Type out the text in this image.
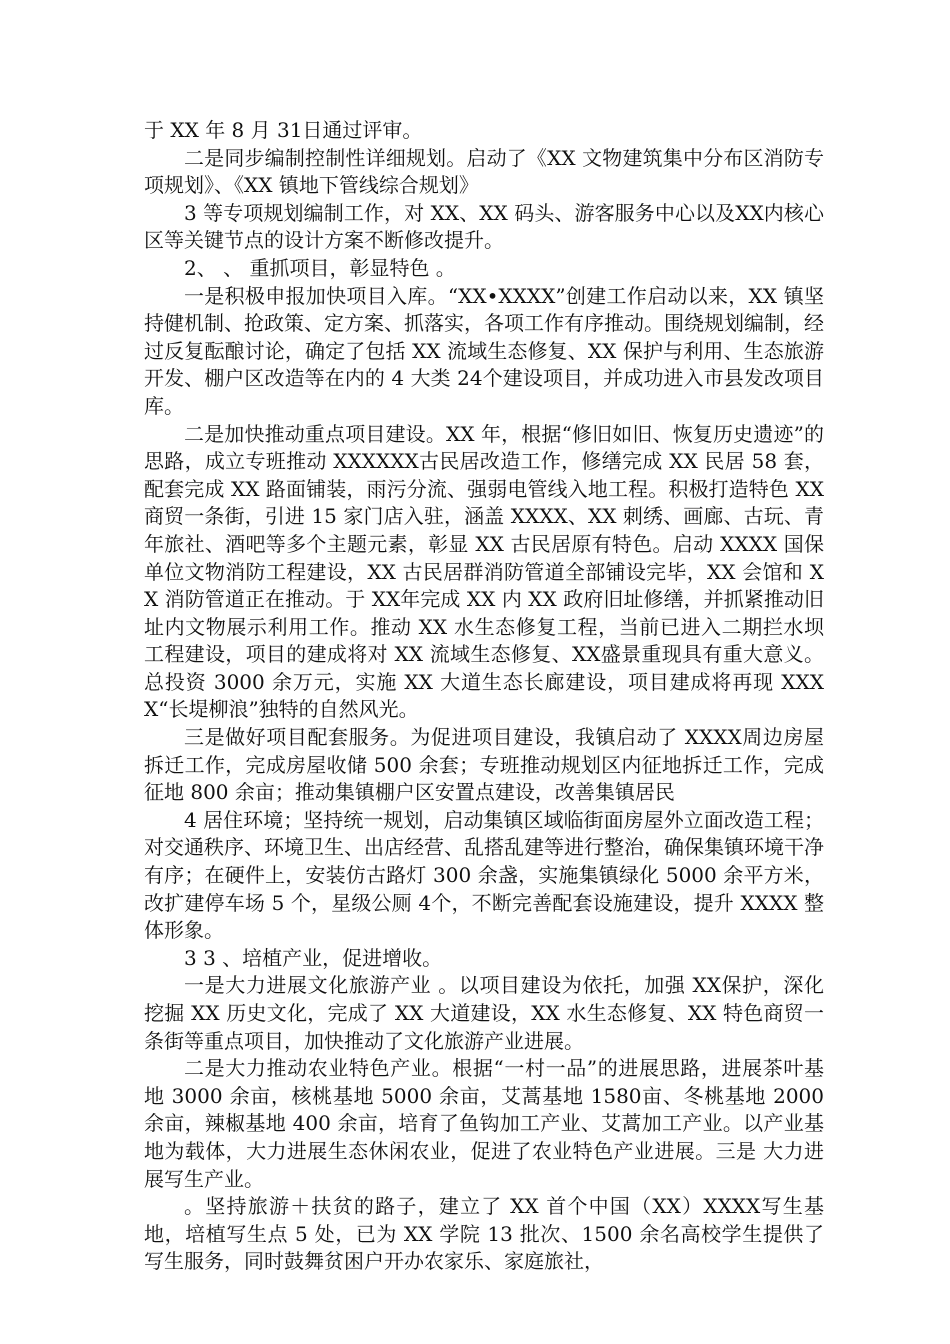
于 XX 年 8 月 31日通过评审。

二是同步编制控制性详细规划。启动了《XX 文物建筑集中分布区消防专项规划》、《XX 镇地下管线综合规划》

3 等专项规划编制工作，对 XX、XX 码头、游客服务中心以及XX内核心区等关键节点的设计方案不断修改提升。

2、 、 重抓项目，彰显特色 。

一是积极申报加快项目入库。“XX•XXXX”创建工作启动以来，XX 镇坚持健机制、抢政策、定方案、抓落实，各项工作有序推动。围绕规划编制，经过反复酝酿讨论，确定了包括 XX 流域生态修复、XX 保护与利用、生态旅游开发、棚户区改造等在内的 4 大类 24个建设项目，并成功进入市县发改项目库。

二是加快推动重点项目建设。XX 年，根据“修旧如旧、恢复历史遗迹”的思路，成立专班推动 XXXXXX古民居改造工作，修缮完成 XX 民居 58 套，配套完成 XX 路面铺装，雨污分流、强弱电管线入地工程。积极打造特色 XX 商贸一条街，引进 15 家门店入驻，涵盖 XXXX、XX 刺绣、画廊、古玩、青年旅社、酒吧等多个主题元素，彰显 XX 古民居原有特色。启动 XXXX 国保单位文物消防工程建设，XX 古民居群消防管道全部铺设完毕，XX 会馆和 XX 消防管道正在推动。于 XX年完成 XX 内 XX 政府旧址修缮，并抓紧推动旧址内文物展示利用工作。推动 XX 水生态修复工程，当前已进入二期拦水坝工程建设，项目的建成将对 XX 流域生态修复、XX盛景重现具有重大意义。总投资 3000 余万元，实施 XX 大道生态长廊建设，项目建成将再现 XXXX“长堤柳浪”独特的自然风光。

三是做好项目配套服务。为促进项目建设，我镇启动了 XXXX周边房屋拆迁工作，完成房屋收储 500 余套；专班推动规划区内征地拆迁工作，完成征地 800 余亩；推动集镇棚户区安置点建设，改善集镇居民

4 居住环境；坚持统一规划，启动集镇区域临街面房屋外立面改造工程；对交通秩序、环境卫生、出店经营、乱搭乱建等进行整治，确保集镇环境干净有序；在硬件上，安装仿古路灯 300 余盏，实施集镇绿化 5000 余平方米，改扩建停车场 5 个，星级公厕 4个，不断完善配套设施建设，提升 XXXX 整体形象。

3 3 、培植产业，促进增收。

一是大力进展文化旅游产业 。以项目建设为依托，加强 XX保护，深化挖掘 XX 历史文化，完成了 XX 大道建设，XX 水生态修复、XX 特色商贸一条街等重点项目，加快推动了文化旅游产业进展。

二是大力推动农业特色产业。根据“一村一品”的进展思路，进展茶叶基地 3000 余亩，核桃基地 5000 余亩，艾蒿基地 1580亩、冬桃基地 2000 余亩，辣椒基地 400 余亩，培育了鱼钩加工产业、艾蒿加工产业。以产业基地为载体，大力进展生态休闲农业，促进了农业特色产业进展。三是 大力进展写生产业。

。坚持旅游＋扶贫的路子，建立了 XX 首个中国（XX）XXXX写生基地，培植写生点 5 处，已为 XX 学院 13 批次、1500 余名高校学生提供了写生服务，同时鼓舞贫困户开办农家乐、家庭旅社，
